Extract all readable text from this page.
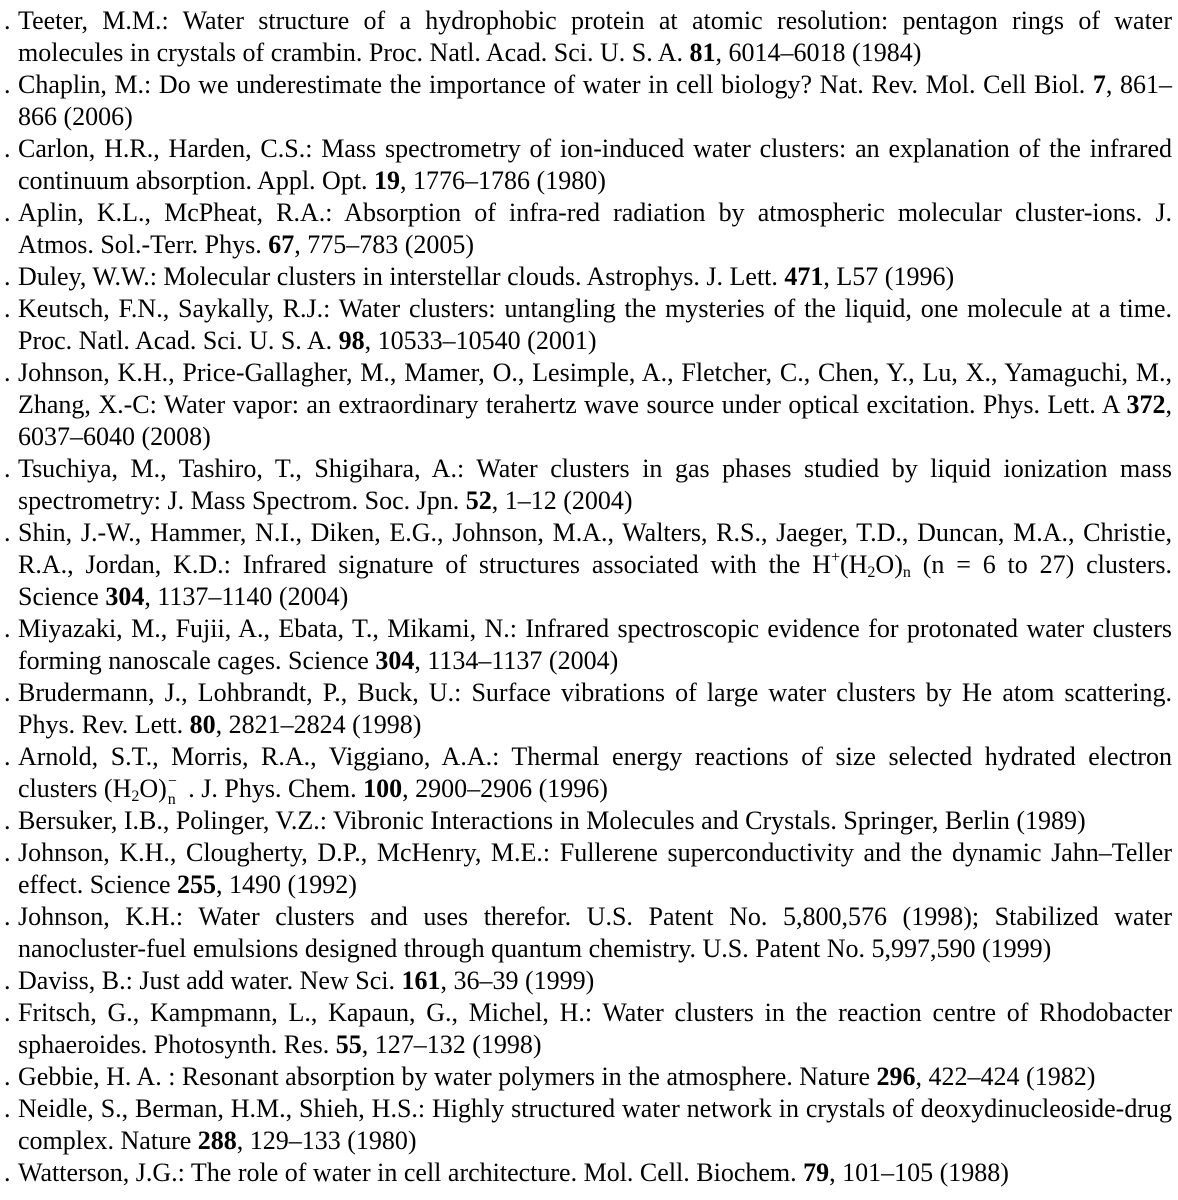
. Teeter, M.M.: Water structure of a hydrophobic protein at atomic resolution: pentagon rings of water molecules in crystals of crambin. Proc. Natl. Acad. Sci. U. S. A. 81, 6014–6018 (1984)
. Chaplin, M.: Do we underestimate the importance of water in cell biology? Nat. Rev. Mol. Cell Biol. 7, 861–866 (2006)
. Carlon, H.R., Harden, C.S.: Mass spectrometry of ion-induced water clusters: an explanation of the infrared continuum absorption. Appl. Opt. 19, 1776–1786 (1980)
. Aplin, K.L., McPheat, R.A.: Absorption of infra-red radiation by atmospheric molecular cluster-ions. J. Atmos. Sol.-Terr. Phys. 67, 775–783 (2005)
. Duley, W.W.: Molecular clusters in interstellar clouds. Astrophys. J. Lett. 471, L57 (1996)
. Keutsch, F.N., Saykally, R.J.: Water clusters: untangling the mysteries of the liquid, one molecule at a time. Proc. Natl. Acad. Sci. U. S. A. 98, 10533–10540 (2001)
. Johnson, K.H., Price-Gallagher, M., Mamer, O., Lesimple, A., Fletcher, C., Chen, Y., Lu, X., Yamaguchi, M., Zhang, X.-C: Water vapor: an extraordinary terahertz wave source under optical excitation. Phys. Lett. A 372, 6037–6040 (2008)
. Tsuchiya, M., Tashiro, T., Shigihara, A.: Water clusters in gas phases studied by liquid ionization mass spectrometry: J. Mass Spectrom. Soc. Jpn. 52, 1–12 (2004)
. Shin, J.-W., Hammer, N.I., Diken, E.G., Johnson, M.A., Walters, R.S., Jaeger, T.D., Duncan, M.A., Christie, R.A., Jordan, K.D.: Infrared signature of structures associated with the $H^+(H_2O)_n$ (n = 6 to 27) clusters. Science 304, 1137–1140 (2004)
. Miyazaki, M., Fujii, A., Ebata, T., Mikami, N.: Infrared spectroscopic evidence for protonated water clusters forming nanoscale cages. Science 304, 1134–1137 (2004)
. Brudermann, J., Lohbrandt, P., Buck, U.: Surface vibrations of large water clusters by He atom scattering. Phys. Rev. Lett. 80, 2821–2824 (1998)
. Arnold, S.T., Morris, R.A., Viggiano, A.A.: Thermal energy reactions of size selected hydrated electron clusters $(H_2O)$ −
n . J. Phys. Chem. 100, 2900–2906 (1996)
. Bersuker, I.B., Polinger, V.Z.: Vibronic Interactions in Molecules and Crystals. Springer, Berlin (1989)
. Johnson, K.H., Clougherty, D.P., McHenry, M.E.: Fullerene superconductivity and the dynamic Jahn–Teller effect. Science 255, 1490 (1992)
. Johnson, K.H.: Water clusters and uses therefor. U.S. Patent No. 5,800,576 (1998); Stabilized water nanocluster-fuel emulsions designed through quantum chemistry. U.S. Patent No. 5,997,590 (1999)
. Daviss, B.: Just add water. New Sci. 161, 36–39 (1999)
. Fritsch, G., Kampmann, L., Kapaun, G., Michel, H.: Water clusters in the reaction centre of Rhodobacter sphaeroides. Photosynth. Res. 55, 127–132 (1998)
. Gebbie, H. A. : Resonant absorption by water polymers in the atmosphere. Nature 296, 422–424 (1982)
. Neidle, S., Berman, H.M., Shieh, H.S.: Highly structured water network in crystals of deoxydinucleoside-drug complex. Nature 288, 129–133 (1980)
. Watterson, J.G.: The role of water in cell architecture. Mol. Cell. Biochem. 79, 101–105 (1988)
